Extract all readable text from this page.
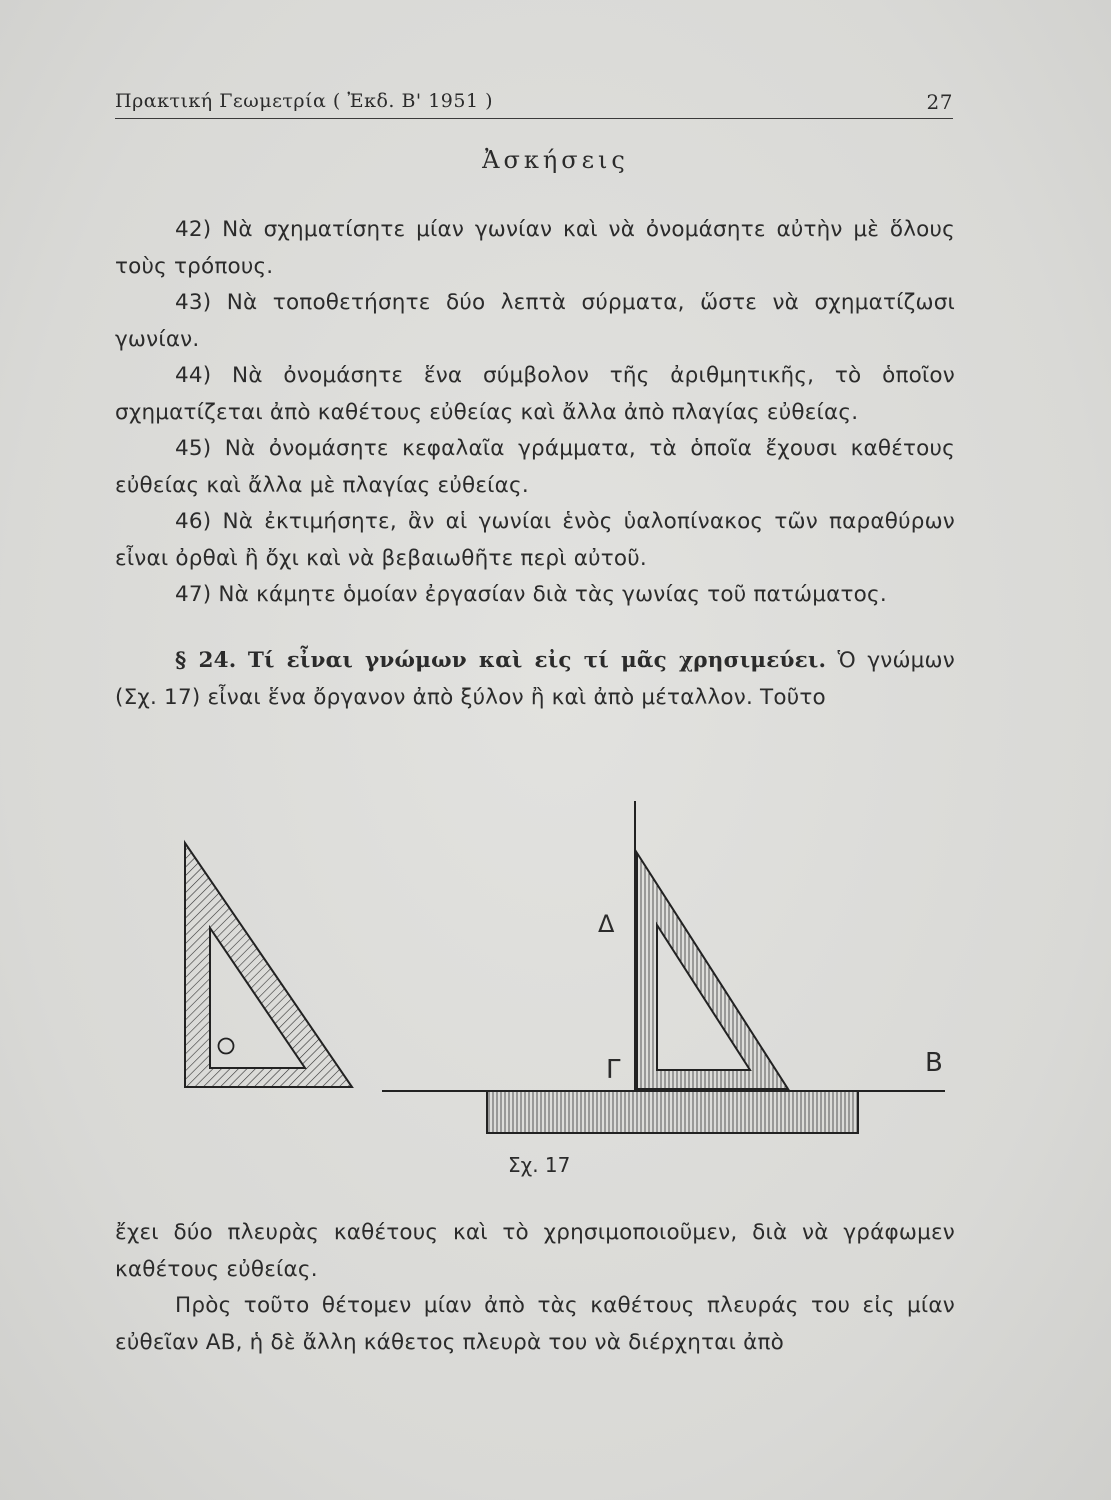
Πρακτική Γεωμετρία ( Ἐκδ. Β' 1951 )	27
Ἀσκήσεις

42) Νὰ σχηματίσητε μίαν γωνίαν καὶ νὰ ὀνομάσητε αὐτὴν μὲ ὅλους τοὺς τρόπους.

43) Νὰ τοποθετήσητε δύο λεπτὰ σύρματα, ὥστε νὰ σχηματίζωσι γωνίαν.

44) Νὰ ὀνομάσητε ἕνα σύμβολον τῆς ἀριθμητικῆς, τὸ ὁποῖον σχηματίζεται ἀπὸ καθέτους εὐθείας καὶ ἄλλα ἀπὸ πλαγίας εὐθείας.

45) Νὰ ὀνομάσητε κεφαλαῖα γράμματα, τὰ ὁποῖα ἔχουσι καθέτους εὐθείας καὶ ἄλλα μὲ πλαγίας εὐθείας.

46) Νὰ ἐκτιμήσητε, ἂν αἱ γωνίαι ἑνὸς ὑαλοπίνακος τῶν παραθύρων εἶναι ὀρθαὶ ἢ ὄχι καὶ νὰ βεβαιωθῆτε περὶ αὐτοῦ.

47) Νὰ κάμητε ὁμοίαν ἐργασίαν διὰ τὰς γωνίας τοῦ πατώματος.

§ 24. Τί εἶναι γνώμων καὶ εἰς τί μᾶς χρησιμεύει. Ὁ γνώμων (Σχ. 17) εἶναι ἕνα ὄργανον ἀπὸ ξύλον ἢ καὶ ἀπὸ μέταλλον. Τοῦτο

Δ
Γ	Β
Σχ. 17

ἔχει δύο πλευρὰς καθέτους καὶ τὸ χρησιμοποιοῦμεν, διὰ νὰ γράφωμεν καθέτους εὐθείας.

Πρὸς τοῦτο θέτομεν μίαν ἀπὸ τὰς καθέτους πλευράς του εἰς μίαν εὐθεῖαν ΑΒ, ἡ δὲ ἄλλη κάθετος πλευρὰ του νὰ διέρχηται ἀπὸ
